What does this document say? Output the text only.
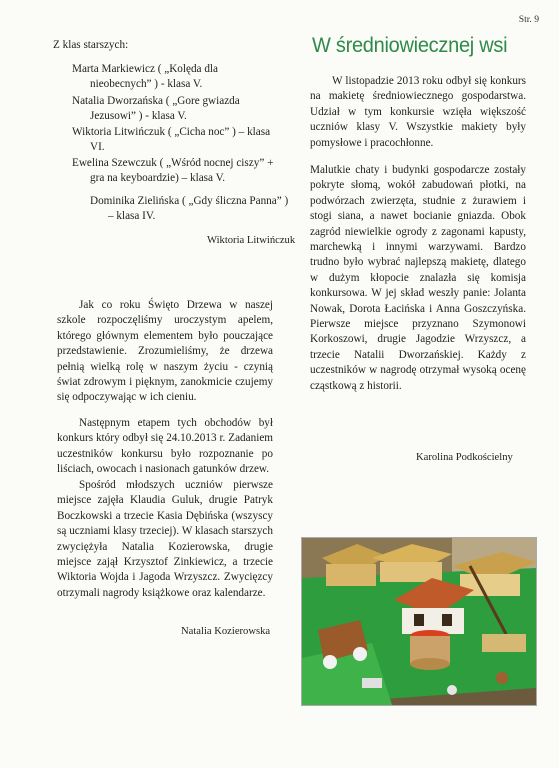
Str. 9
Z klas starszych:
Marta Markiewicz ( „Kolęda dla nieobecnych” ) - klasa V.
Natalia Dworzańska ( „Gore gwiazda Jezusowi” ) - klasa V.
Wiktoria Litwińczuk ( „Cicha noc” ) – klasa VI.
Ewelina Szewczuk ( „Wśród nocnej ciszy” + gra na keyboardzie) – klasa V.
Dominika Zielińska ( „Gdy śliczna Panna” ) – klasa IV.
Wiktoria Litwińczuk
Jak co roku Święto Drzewa w naszej szkole rozpoczęliśmy uroczystym apelem, którego głównym elementem było pouczające przedstawienie. Zrozumieliśmy, że drzewa pełnią wielką rolę w naszym życiu - czynią świat zdrowym i pięknym, zanokmicie czujemy się odpoczywając w ich cieniu.
Następnym etapem tych obchodów był konkurs który odbył się 24.10.2013 r. Zadaniem uczestników konkursu było rozpoznanie po liściach, owocach i nasionach gatunków drzew.
Spośród młodszych uczniów pierwsze miejsce zajęła Klaudia Guluk, drugie Patryk Boczkowski a trzecie Kasia Dębińska (wszyscy są uczniami klasy trzeciej). W klasach starszych zwyciężyła Natalia Kozierowska, drugie miejsce zajął Krzysztof Zinkiewicz, a trzecie Wiktoria Wojda i Jagoda Wrzyszcz. Zwycięzcy otrzymali nagrody książkowe oraz kalendarze.
Natalia Kozierowska
W średniowiecznej wsi
W listopadzie 2013 roku odbył się konkurs na makietę średniowiecznego gospodarstwa. Udział w tym konkursie wzięła większość uczniów klasy V. Wszystkie makiety były pomysłowe i pracochłonne.
Malutkie chaty i budynki gospodarcze zostały pokryte słomą, wokół zabudowań płotki, na podwórzach zwierzęta, studnie z żurawiem i stogi siana, a nawet bocianie gniazda. Obok zagród niewielkie ogrody z zagonami kapusty, marchewką i innymi warzywami. Bardzo trudno było wybrać najlepszą makietę, dlatego w dużym kłopocie znalazła się komisja konkursowa. W jej skład weszły panie: Jolanta Nowak, Dorota Łacińska i Anna Goszczyńska. Pierwsze miejsce przyznano Szymonowi Korkoszowi, drugie Jagodzie Wrzyszcz, a trzecie Natalii Dworzańskiej. Każdy z uczestników w nagrodę otrzymał wysoką ocenę cząstkową z historii.
Karolina Podkościelny
